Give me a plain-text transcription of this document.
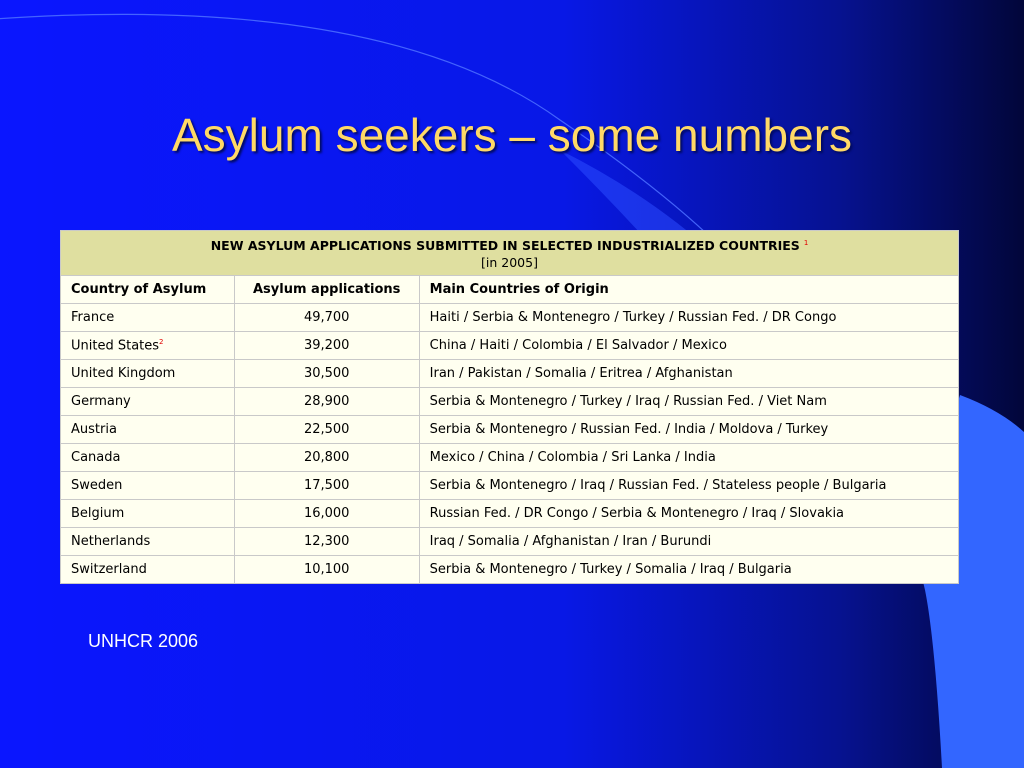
Asylum seekers – some numbers
NEW ASYLUM APPLICATIONS SUBMITTED IN SELECTED INDUSTRIALIZED COUNTRIES $^1$
[in 2005]		
Country of Asylum	Asylum applications	Main Countries of Origin
France	49,700	Haiti / Serbia & Montenegro / Turkey / Russian Fed. / DR Congo
United States$^2$	39,200	China / Haiti / Colombia / El Salvador / Mexico
United Kingdom	30,500	Iran / Pakistan / Somalia / Eritrea / Afghanistan
Germany	28,900	Serbia & Montenegro / Turkey / Iraq / Russian Fed. / Viet Nam
Austria	22,500	Serbia & Montenegro / Russian Fed. / India / Moldova / Turkey
Canada	20,800	Mexico / China / Colombia / Sri Lanka / India
Sweden	17,500	Serbia & Montenegro / Iraq / Russian Fed. / Stateless people / Bulgaria
Belgium	16,000	Russian Fed. / DR Congo / Serbia & Montenegro / Iraq / Slovakia
Netherlands	12,300	Iraq / Somalia / Afghanistan / Iran / Burundi
Switzerland	10,100	Serbia & Montenegro / Turkey / Somalia / Iraq / Bulgaria
UNHCR 2006
